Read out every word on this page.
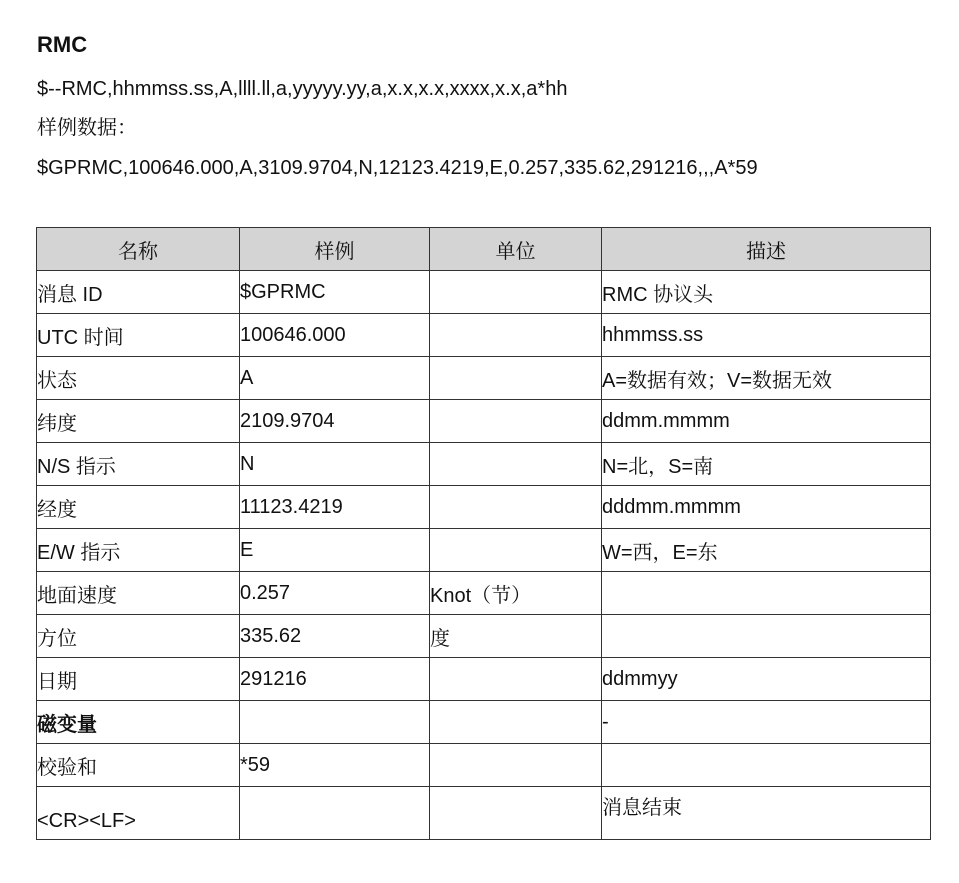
RMC
$--RMC,hhmmss.ss,A,llll.ll,a,yyyyy.yy,a,x.x,x.x,xxxx,x.x,a*hh
样例数据：
$GPRMC,100646.000,A,3109.9704,N,12123.4219,E,0.257,335.62,291216,,,A*59
名称	样例	单位	描述
消息 ID	$GPRMC		RMC 协议头
UTC 时间	100646.000		hhmmss.ss
状态	A		A=数据有效；V=数据无效
纬度	2109.9704		ddmm.mmmm
N/S 指示	N		N=北，S=南
经度	11123.4219		dddmm.mmmm
E/W 指示	E		W=西，E=东
地面速度	0.257	Knot（节）	
方位	335.62	度	
日期	291216		ddmmyy
磁变量			-
校验和	*59		
<CR><LF>			消息结束
